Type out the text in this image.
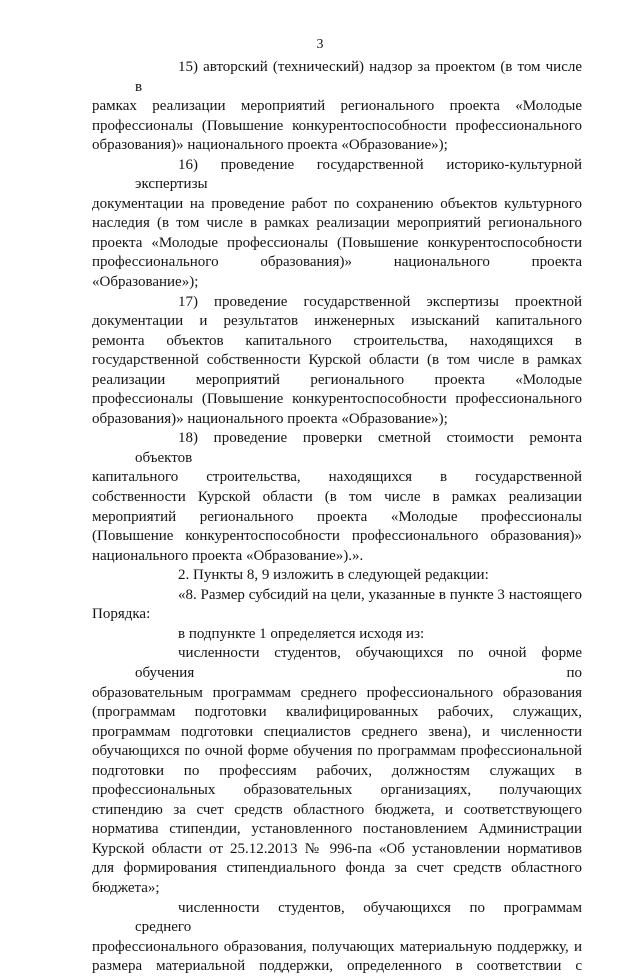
3
15) авторский (технический) надзор за проектом (в том числе в
рамках реализации мероприятий регионального проекта «Молодые
профессионалы (Повышение конкурентоспособности профессионального
образования)» национального проекта «Образование»);
16) проведение государственной историко-культурной экспертизы
документации на проведение работ по сохранению объектов культурного
наследия (в том числе в рамках реализации мероприятий регионального
проекта «Молодые профессионалы (Повышение конкурентоспособности
профессионального образования)» национального проекта
«Образование»);
17) проведение государственной экспертизы проектной
документации и результатов инженерных изысканий капитального
ремонта объектов капитального строительства, находящихся в
государственной собственности Курской области (в том числе в рамках
реализации мероприятий регионального проекта «Молодые
профессионалы (Повышение конкурентоспособности профессионального
образования)» национального проекта «Образование»);
18) проведение проверки сметной стоимости ремонта объектов
капитального строительства, находящихся в государственной
собственности Курской области (в том числе в рамках реализации
мероприятий регионального проекта «Молодые профессионалы
(Повышение конкурентоспособности профессионального образования)»
национального проекта «Образование»).».
2. Пункты 8, 9 изложить в следующей редакции:
«8. Размер субсидий на цели, указанные в пункте 3 настоящего
Порядка:
в подпункте 1 определяется исходя из:
численности студентов, обучающихся по очной форме обучения по
образовательным программам среднего профессионального образования
(программам подготовки квалифицированных рабочих, служащих,
программам подготовки специалистов среднего звена), и численности
обучающихся по очной форме обучения по программам профессиональной
подготовки по профессиям рабочих, должностям служащих в
профессиональных образовательных организациях, получающих
стипендию за счет средств областного бюджета, и соответствующего
норматива стипендии, установленного постановлением Администрации
Курской области от 25.12.2013 № 996-па «Об установлении нормативов
для формирования стипендиального фонда за счет средств областного
бюджета»;
численности студентов, обучающихся по программам среднего
профессионального образования, получающих материальную поддержку, и
размера материальной поддержки, определенного в соответствии с
